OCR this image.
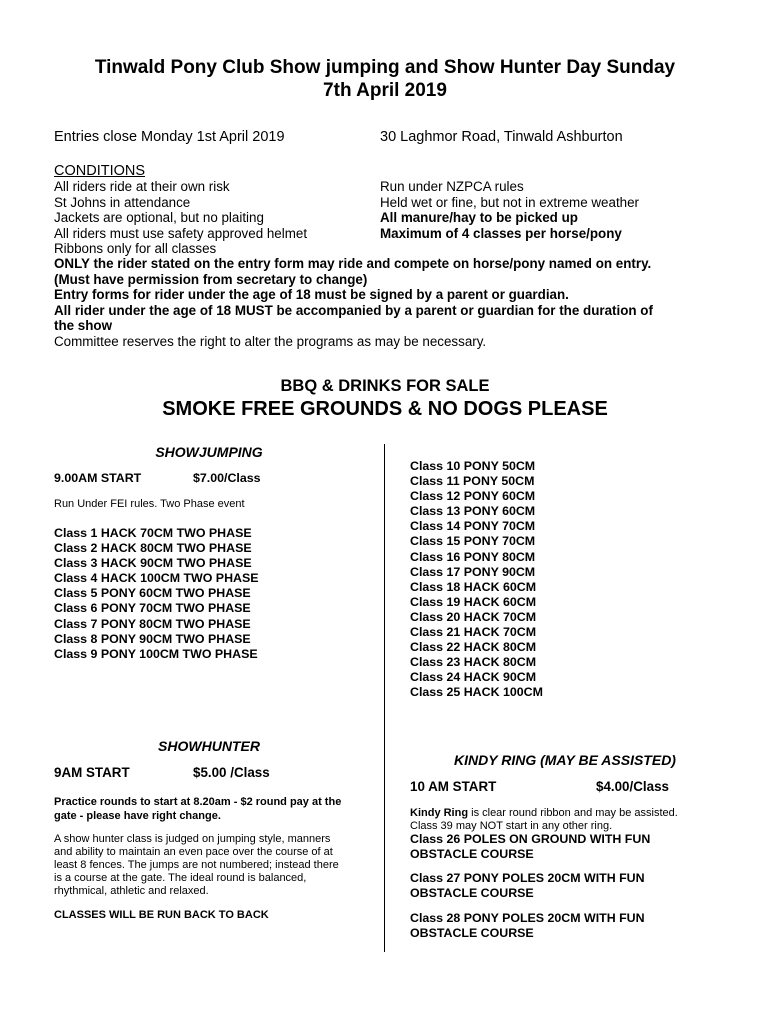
Tinwald Pony Club Show jumping and Show Hunter Day Sunday
7th April 2019
Entries close Monday 1st April 2019	30 Laghmor Road, Tinwald Ashburton
CONDITIONS
All riders ride at their own risk
St Johns in attendance
Jackets are optional, but no plaiting
All riders must use safety approved helmet
Ribbons only for all classes
Run under NZPCA rules
Held wet or fine, but not in extreme weather
All manure/hay to be picked up
Maximum of 4 classes per horse/pony
ONLY the rider stated on the entry form may ride and compete on horse/pony named on entry.
(Must have permission from secretary to change)
Entry forms for rider under the age of 18 must be signed by a parent or guardian.
All rider under the age of 18 MUST be accompanied by a parent or guardian for the duration of
the show
Committee reserves the right to alter the programs as may be necessary.
BBQ & DRINKS FOR SALE
SMOKE FREE GROUNDS & NO DOGS PLEASE
SHOWJUMPING
9.00AM START	$7.00/Class
Run Under FEI rules. Two Phase event
Class 1 HACK 70CM TWO PHASE
Class 2 HACK 80CM TWO PHASE
Class 3 HACK 90CM TWO PHASE
Class 4 HACK 100CM TWO PHASE
Class 5 PONY 60CM TWO PHASE
Class 6 PONY 70CM TWO PHASE
Class 7 PONY 80CM TWO PHASE
Class 8 PONY 90CM TWO PHASE
Class 9 PONY 100CM TWO PHASE
Class 10 PONY 50CM
Class 11 PONY 50CM
Class 12 PONY 60CM
Class 13 PONY 60CM
Class 14 PONY 70CM
Class 15 PONY 70CM
Class 16 PONY 80CM
Class 17 PONY 90CM
Class 18 HACK 60CM
Class 19 HACK 60CM
Class 20 HACK 70CM
Class 21 HACK 70CM
Class 22 HACK 80CM
Class 23 HACK 80CM
Class 24 HACK 90CM
Class 25 HACK 100CM
SHOWHUNTER
9AM START	$5.00 /Class
Practice rounds to start at 8.20am - $2 round pay at the
gate - please have right change.
A show hunter class is judged on jumping style, manners
and ability to maintain an even pace over the course of at
least 8 fences. The jumps are not numbered; instead there
is a course at the gate. The ideal round is balanced,
rhythmical, athletic and relaxed.
CLASSES WILL BE RUN BACK TO BACK
KINDY RING (MAY BE ASSISTED)
10 AM START	$4.00/Class
Kindy Ring is clear round ribbon and may be assisted.
Class 39 may NOT start in any other ring.
Class 26 POLES ON GROUND WITH FUN
OBSTACLE COURSE
Class 27 PONY POLES 20CM WITH FUN
OBSTACLE COURSE
Class 28 PONY POLES 20CM WITH FUN
OBSTACLE COURSE
